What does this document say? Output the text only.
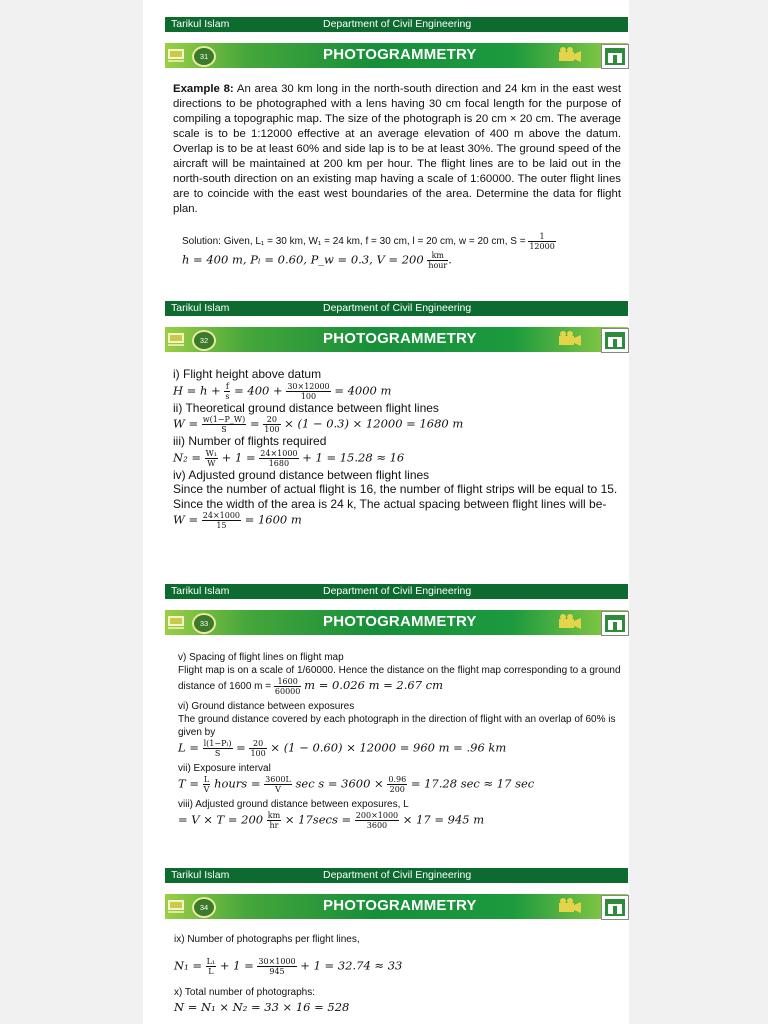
Tarikul Islam	Department of Civil Engineering
31	PHOTOGRAMMETRY

Example 8: An area 30 km long in the north-south direction and 24 km in the east west directions to be photographed with a lens having 30 cm focal length for the purpose of compiling a topographic map. The size of the photograph is 20 cm × 20 cm. The average scale is to be 1:12000 effective at an average elevation of 400 m above the datum. Overlap is to be at least 60% and side lap is to be at least 30%. The ground speed of the aircraft will be maintained at 200 km per hour. The flight lines are to be laid out in the north-south direction on an existing map having a scale of 1:60000. The outer flight lines are to coincide with the east west boundaries of the area. Determine the data for flight plan.

Solution: Given, L₁ = 30 km, W₁ = 24 km, f = 30 cm, l = 20 cm, w = 20 cm, $S = \frac{1}{12000}$

h = 400 m, Pₗ = 0.60, P_w = 0.3, $V = 200 \frac{km}{\text{hour}}$ .

Tarikul Islam	Department of Civil Engineering
32	PHOTOGRAMMETRY

i) Flight height above datum

$H = h + \frac{f}{s} = 400 + \frac{30\times 12000}{100} = 4000$ m

ii) Theoretical ground distance between flight lines

$W = \frac{w(1-P\_W)}{S} = \frac{20}{100} \times (1 - 0.3) \times 12000 = 1680$ m

iii) Number of flights required

$N_2 = \frac{\text{W₁}}{W} + 1 = \frac{24\times 1000}{1680} + 1 = 15.28 \approx 16$

iv) Adjusted ground distance between flight lines

Since the number of actual flight is 16, the number of flight strips will be equal to 15. Since the width of the area is 24 k, The actual spacing between flight lines will be-

$W = \frac{24\times 1000}{15} = 1600$ m

Tarikul Islam	Department of Civil Engineering
33	PHOTOGRAMMETRY

v) Spacing of flight lines on flight map

Flight map is on a scale of 1/60000. Hence the distance on the flight map corresponding to a ground distance of 1600 $m = \frac{1600}{60000}$ m = 0.026 m = 2.67 cm

vi) Ground distance between exposures

The ground distance covered by each photograph in the direction of flight with an overlap of 60% is given by

$L = \frac{\text{l(1−Pₗ)}}{S} = \frac{20}{100} \times (1 - 0.60) \times 12000 = 960$ m = .96 km

vii) Exposure interval

$T = \frac{L}{V}$ hours = $\frac{3600L}{V}$ $\sec s = 3600 \times \frac{0.96}{200} = 17.28$ sec ≈ 17 sec

viii) Adjusted ground distance between exposures, L

= $V \times T = 200 \frac{km}{hr} \times 17\sec s = \frac{200\times 1000}{3600} \times 17 = 945$ m

Tarikul Islam	Department of Civil Engineering
34	PHOTOGRAMMETRY

ix) Number of photographs per flight lines,

$N_1 = \frac{\text{L₁}}{L} + 1 = \frac{30\times 1000}{945} + 1 = 32.74 \approx 33$

x) Total number of photographs:

N = N₁ × N₂ = 33 × 16 = 528
